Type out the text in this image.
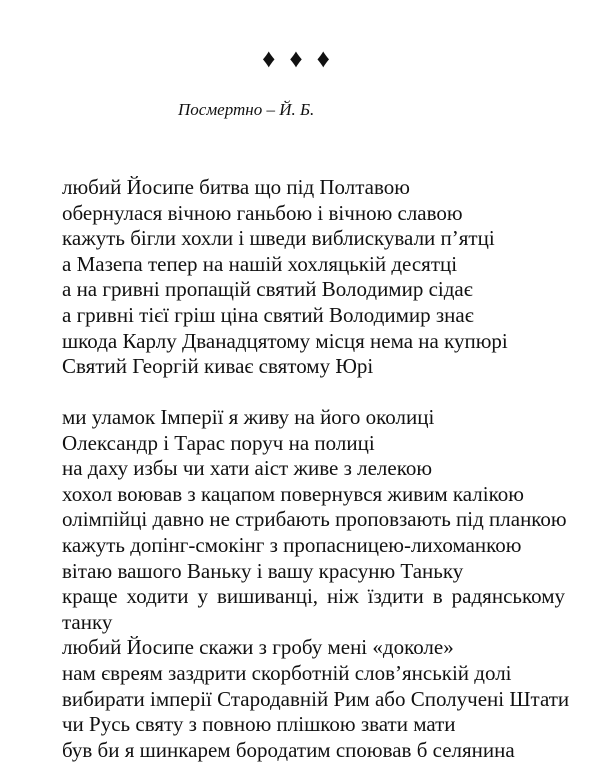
♦ ♦ ♦
Посмертно – Й. Б.
любий Йосипе битва що під Полтавою
обернулася вічною ганьбою і вічною славою
кажуть бігли хохли і шведи виблискували п’ятці
а Мазепа тепер на нашій хохляцькій десятці
а на гривні пропащій святий Володимир сідає
а гривні тієї гріш ціна святий Володимир знає
шкода Карлу Дванадцятому місця нема на купюрі
Святий Георгій киває святому Юрі
ми уламок Імперії я живу на його околиці
Олександр і Тарас поруч на полиці
на даху избы чи хати аіст живе з лелекою
хохол воював з кацапом повернувся живим калікою
олімпійці давно не стрибають проповзають під планкою
кажуть допінг-смокінг з пропасницею-лихоманкою
вітаю вашого Ваньку і вашу красуню Таньку
краще ходити у вишиванці, ніж їздити в радянському
танку
любий Йосипе скажи з гробу мені «доколе»
нам євреям заздрити скорботній слов’янській долі
вибирати імперії Стародавній Рим або Сполучені Штати
чи Русь святу з повною плішкою звати мати
був би я шинкарем бородатим споював б селянина
